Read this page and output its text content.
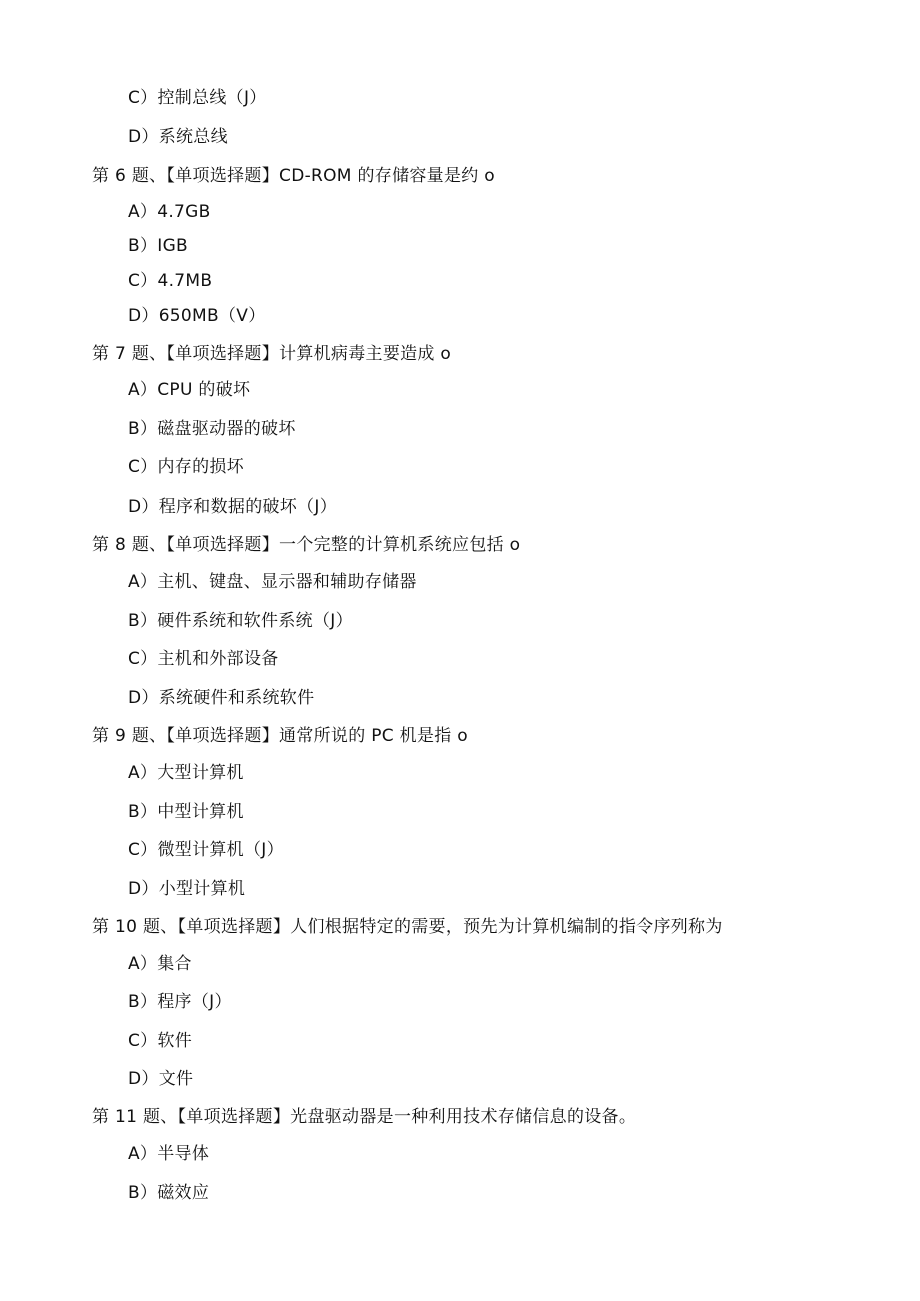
C）控制总线（J）
D）系统总线
第 6 题、【单项选择题】CD-ROM 的存储容量是约 o
A）4.7GB
B）IGB
C）4.7MB
D）650MB（V）
第 7 题、【单项选择题】计算机病毒主要造成 o
A）CPU 的破坏
B）磁盘驱动器的破坏
C）内存的损坏
D）程序和数据的破坏（J）
第 8 题、【单项选择题】一个完整的计算机系统应包括 o
A）主机、键盘、显示器和辅助存储器
B）硬件系统和软件系统（J）
C）主机和外部设备
D）系统硬件和系统软件
第 9 题、【单项选择题】通常所说的 PC 机是指 o
A）大型计算机
B）中型计算机
C）微型计算机（J）
D）小型计算机
第 10 题、【单项选择题】人们根据特定的需要，预先为计算机编制的指令序列称为
A）集合
B）程序（J）
C）软件
D）文件
第 11 题、【单项选择题】光盘驱动器是一种利用技术存储信息的设备。
A）半导体
B）磁效应
